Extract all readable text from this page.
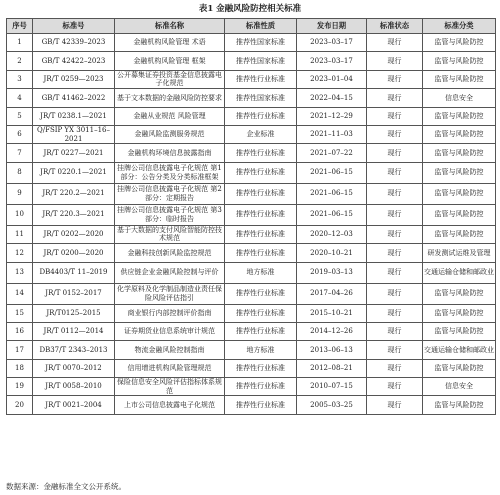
表1 金融风险防控相关标准
序号	标准号	标准名称	标准性质	发布日期	标准状态	标准分类
1	GB/T 42339–2023	金融机构风险管理 术语	推荐性国家标准	2023–03–17	现行	监管与风险防控
2	GB/T 42422–2023	金融机构风险管理 框架	推荐性国家标准	2023–03–17	现行	监管与风险防控
3	JR/T 0259—2023	公开募集证券投资基金信息披露电子化规范	推荐性行业标准	2023–01–04	现行	监管与风险防控
4	GB/T 41462–2022	基于文本数据的金融风险防控要求	推荐性国家标准	2022–04–15	现行	信息安全
5	JR/T 0238.1—2021	金融从业规范 风险管理	推荐性行业标准	2021–12–29	现行	监管与风险防控
6	Q/FSIP YX 3011–16–2021	金融风险监测服务规范	企业标准	2021–11–03	现行	监管与风险防控
7	JR/T 0227—2021	金融机构环境信息披露指南	推荐性行业标准	2021–07–22	现行	监管与风险防控
8	JR/T 0220.1—2021	挂牌公司信息披露电子化规范 第1部分：公告分类及分类标准框架	推荐性行业标准	2021–06–15	现行	监管与风险防控
9	JR/T 220.2—2021	挂牌公司信息披露电子化规范 第2部分：定期报告	推荐性行业标准	2021–06–15	现行	监管与风险防控
10	JR/T 220.3—2021	挂牌公司信息披露电子化规范 第3部分：临时报告	推荐性行业标准	2021–06–15	现行	监管与风险防控
11	JR/T 0202—2020	基于大数据的支付风险智能防控技术规范	推荐性行业标准	2020–12–03	现行	监管与风险防控
12	JR/T 0200—2020	金融科技创新风险监控规范	推荐性行业标准	2020–10–21	现行	研发测试运维及管理
13	DB4403/T 11–2019	供应链企业金融风险控制与评价	地方标准	2019–03–13	现行	交通运输仓储和邮政业
14	JR/T 0152–2017	化学原料及化学制品制造业责任保险风险评估指引	推荐性行业标准	2017–04–26	现行	监管与风险防控
15	JR/T0125–2015	商业银行内部控制评价指南	推荐性行业标准	2015–10–21	现行	监管与风险防控
16	JR/T 0112—2014	证券期货业信息系统审计规范	推荐性行业标准	2014–12–26	现行	监管与风险防控
17	DB37/T 2343–2013	物流金融风险控制指南	地方标准	2013–06–13	现行	交通运输仓储和邮政业
18	JR/T 0070–2012	信用增进机构风险管理规范	推荐性行业标准	2012–08–21	现行	监管与风险防控
19	JR/T 0058–2010	保险信息安全风险评估指标体系规范	推荐性行业标准	2010–07–15	现行	信息安全
20	JR/T 0021–2004	上市公司信息披露电子化规范	推荐性行业标准	2005–03–25	现行	监管与风险防控
数据来源：金融标准全文公开系统。
